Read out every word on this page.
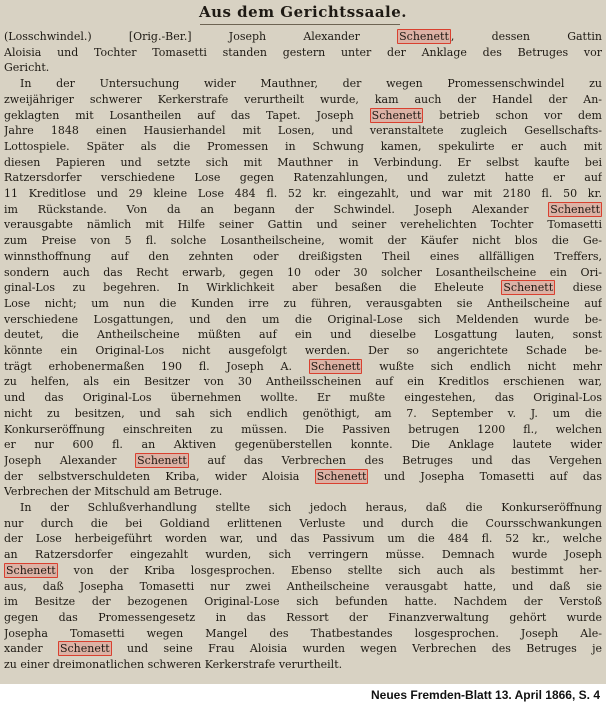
Aus dem Gerichtssaale.
(Losschwindel.) [Orig.-Ber.] Joseph Alexander Schenett , dessen Gattin
Aloisia und Tochter Tomasetti standen gestern unter der Anklage des Betruges vor
Gericht.
In der Untersuchung wider Mauthner, der wegen Promessenschwindel zu
zweijähriger schwerer Kerkerstrafe verurtheilt wurde, kam auch der Handel der An-
geklagten mit Losantheilen auf das Tapet. Joseph Schenett betrieb schon vor dem
Jahre 1848 einen Hausierhandel mit Losen, und veranstaltete zugleich Gesellschafts-
Lottospiele. Später als die Promessen in Schwung kamen, spekulirte er auch mit
diesen Papieren und setzte sich mit Mauthner in Verbindung. Er selbst kaufte bei
Ratzersdorfer verschiedene Lose gegen Ratenzahlungen, und zuletzt hatte er auf
11 Kreditlose und 29 kleine Lose 484 fl. 52 kr. eingezahlt, und war mit 2180 fl. 50 kr.
im Rückstande. Von da an begann der Schwindel. Joseph Alexander Schenett
verausgabte nämlich mit Hilfe seiner Gattin und seiner verehelichten Tochter Tomasetti
zum Preise von 5 fl. solche Losantheilscheine, womit der Käufer nicht blos die Ge-
winnsthoffnung auf den zehnten oder dreißigsten Theil eines allfälligen Treffers,
sondern auch das Recht erwarb, gegen 10 oder 30 solcher Losantheilscheine ein Ori-
ginal-Los zu begehren. In Wirklichkeit aber besaßen die Eheleute Schenett diese
Lose nicht; um nun die Kunden irre zu führen, verausgabten sie Antheilscheine auf
verschiedene Losgattungen, und den um die Original-Lose sich Meldenden wurde be-
deutet, die Antheilscheine müßten auf ein und dieselbe Losgattung lauten, sonst
könnte ein Original-Los nicht ausgefolgt werden. Der so angerichtete Schade be-
trägt erhobenermaßen 190 fl. Joseph A. Schenett wußte sich endlich nicht mehr
zu helfen, als ein Besitzer von 30 Antheilsscheinen auf ein Kreditlos erschienen war,
und das Original-Los übernehmen wollte. Er mußte eingestehen, das Original-Los
nicht zu besitzen, und sah sich endlich genöthigt, am 7. September v. J. um die
Konkurseröffnung einschreiten zu müssen. Die Passiven betrugen 1200 fl., welchen
er nur 600 fl. an Aktiven gegenüberstellen konnte. Die Anklage lautete wider
Joseph Alexander Schenett auf das Verbrechen des Betruges und das Vergehen
der selbstverschuldeten Kriba, wider Aloisia Schenett und Josepha Tomasetti auf das
Verbrechen der Mitschuld am Betruge.
In der Schlußverhandlung stellte sich jedoch heraus, daß die Konkurseröffnung
nur durch die bei Goldiand erlittenen Verluste und durch die Coursschwankungen
der Lose herbeigeführt worden war, und das Passivum um die 484 fl. 52 kr., welche
an Ratzersdorfer eingezahlt wurden, sich verringern müsse. Demnach wurde Joseph
Schenett von der Kriba losgesprochen. Ebenso stellte sich auch als bestimmt her-
aus, daß Josepha Tomasetti nur zwei Antheilscheine verausgabt hatte, und daß sie
im Besitze der bezogenen Original-Lose sich befunden hatte. Nachdem der Verstoß
gegen das Promessengesetz in das Ressort der Finanzverwaltung gehört wurde
Josepha Tomasetti wegen Mangel des Thatbestandes losgesprochen. Joseph Ale-
xander Schenett und seine Frau Aloisia wurden wegen Verbrechen des Betruges je
zu einer dreimonatlichen schweren Kerkerstrafe verurtheilt.
Neues Fremden-Blatt 13. April 1866, S. 4
